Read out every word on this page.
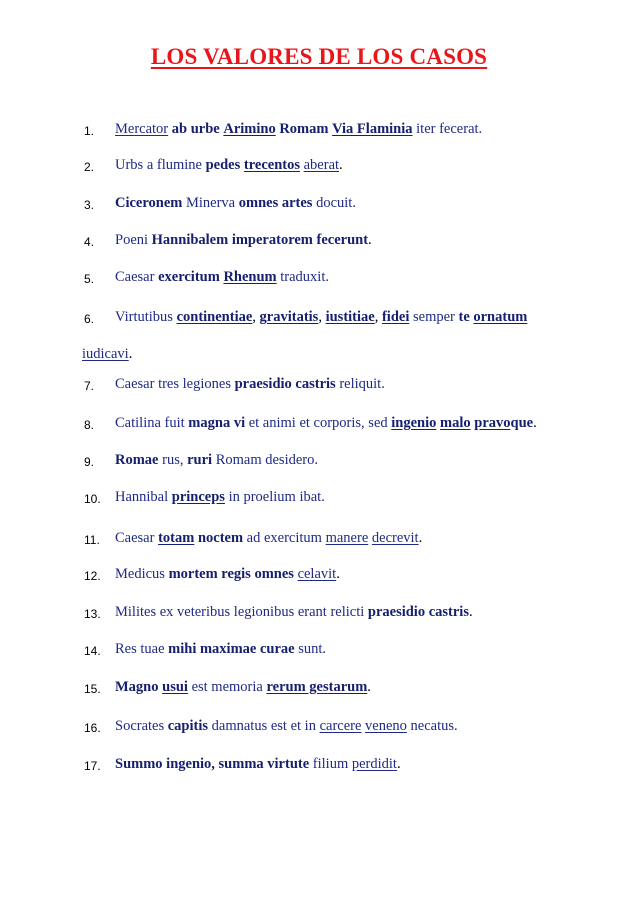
LOS VALORES DE LOS CASOS
1. Mercator ab urbe Arimino Romam Via Flaminia iter fecerat.
2. Urbs a flumine pedes trecentos aberat.
3. Ciceronem Minerva omnes artes docuit.
4. Poeni Hannibalem imperatorem fecerunt.
5. Caesar exercitum Rhenum traduxit.
6. Virtutibus continentiae, gravitatis, iustitiae, fidei semper te ornatum
7. Caesar tres legiones praesidio castris reliquit.
8. Catilina fuit magna vi et animi et corporis, sed ingenio malo pravoque.
9. Romae rus, ruri Romam desidero.
10. Hannibal princeps in proelium ibat.
11. Caesar totam noctem ad exercitum manere decrevit.
12. Medicus mortem regis omnes celavit.
13. Milites ex veteribus legionibus erant relicti praesidio castris.
14. Res tuae mihi maximae curae sunt.
15. Magno usui est memoria rerum gestarum.
16. Socrates capitis damnatus est et in carcere veneno necatus.
17. Summo ingenio, summa virtute filium perdidit.
iudicavi.
